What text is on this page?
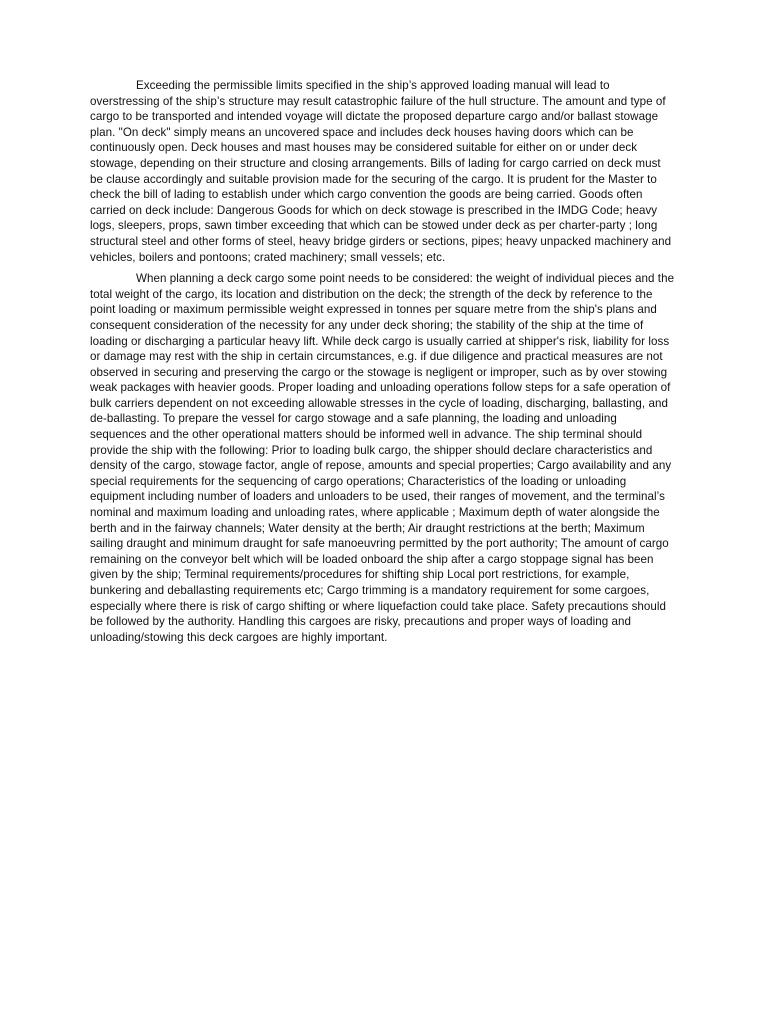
Exceeding the permissible limits specified in the ship’s approved loading manual will lead to overstressing of the ship’s structure may result catastrophic failure of the hull structure. The amount and type of cargo to be transported and intended voyage will dictate the proposed departure cargo and/or ballast stowage plan. "On deck" simply means an uncovered space and includes deck houses having doors which can be continuously open. Deck houses and mast houses may be considered suitable for either on or under deck stowage, depending on their structure and closing arrangements. Bills of lading for cargo carried on deck must be clause accordingly and suitable provision made for the securing of the cargo. It is prudent for the Master to check the bill of lading to establish under which cargo convention the goods are being carried. Goods often carried on deck include: Dangerous Goods for which on deck stowage is prescribed in the IMDG Code; heavy logs, sleepers, props, sawn timber exceeding that which can be stowed under deck as per charter-party ; long structural steel and other forms of steel, heavy bridge girders or sections, pipes; heavy unpacked machinery and vehicles, boilers and pontoons; crated machinery; small vessels; etc.

When planning a deck cargo some point needs to be considered: the weight of individual pieces and the total weight of the cargo, its location and distribution on the deck; the strength of the deck by reference to the point loading or maximum permissible weight expressed in tonnes per square metre from the ship's plans and consequent consideration of the necessity for any under deck shoring; the stability of the ship at the time of loading or discharging a particular heavy lift. While deck cargo is usually carried at shipper's risk, liability for loss or damage may rest with the ship in certain circumstances, e.g. if due diligence and practical measures are not observed in securing and preserving the cargo or the stowage is negligent or improper, such as by over stowing weak packages with heavier goods. Proper loading and unloading operations follow steps for a safe operation of bulk carriers dependent on not exceeding allowable stresses in the cycle of loading, discharging, ballasting, and de-ballasting. To prepare the vessel for cargo stowage and a safe planning, the loading and unloading sequences and the other operational matters should be informed well in advance. The ship terminal should provide the ship with the following: Prior to loading bulk cargo, the shipper should declare characteristics and density of the cargo, stowage factor, angle of repose, amounts and special properties; Cargo availability and any special requirements for the sequencing of cargo operations; Characteristics of the loading or unloading equipment including number of loaders and unloaders to be used, their ranges of movement, and the terminal’s nominal and maximum loading and unloading rates, where applicable ; Maximum depth of water alongside the berth and in the fairway channels; Water density at the berth; Air draught restrictions at the berth; Maximum sailing draught and minimum draught for safe manoeuvring permitted by the port authority; The amount of cargo remaining on the conveyor belt which will be loaded onboard the ship after a cargo stoppage signal has been given by the ship; Terminal requirements/procedures for shifting ship Local port restrictions, for example, bunkering and deballasting requirements etc; Cargo trimming is a mandatory requirement for some cargoes, especially where there is risk of cargo shifting or where liquefaction could take place. Safety precautions should be followed by the authority. Handling this cargoes are risky, precautions and proper ways of loading and unloading/stowing this deck cargoes are highly important.
